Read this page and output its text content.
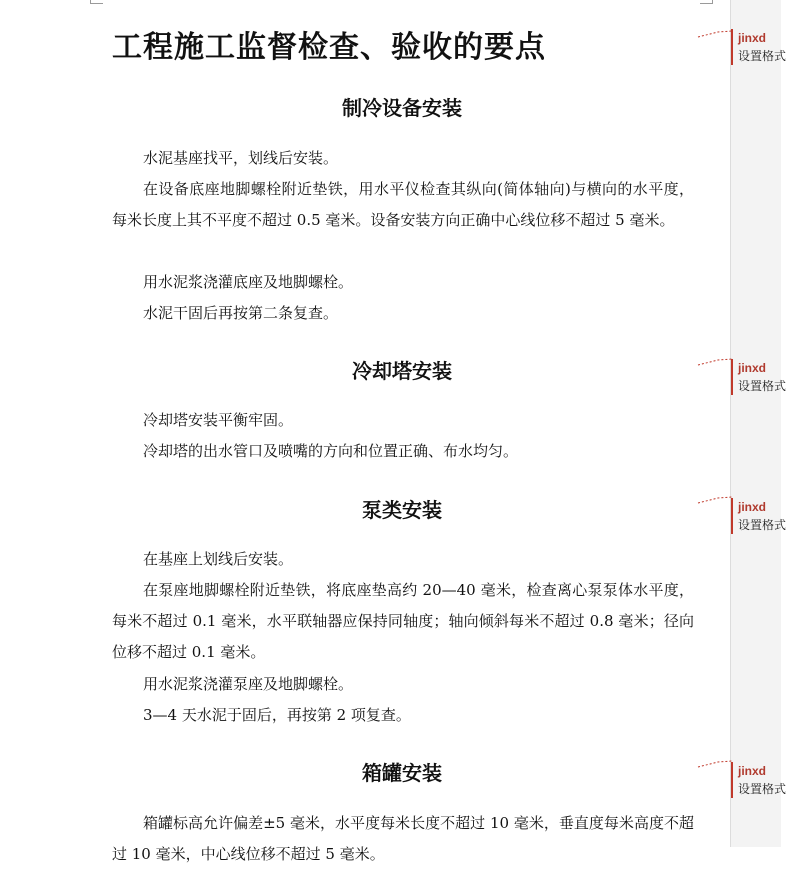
工程施工监督检查、验收的要点
制冷设备安装
水泥基座找平，划线后安装。
在设备底座地脚螺栓附近垫铁，用水平仪检查其纵向(简体轴向)与横向的水平度，每米长度上其不平度不超过 0.5 毫米。设备安装方向正确中心线位移不超过 5 毫米。
用水泥浆浇灌底座及地脚螺栓。
水泥干固后再按第二条复查。
冷却塔安装
冷却塔安装平衡牢固。
冷却塔的出水管口及喷嘴的方向和位置正确、布水均匀。
泵类安装
在基座上划线后安装。
在泵座地脚螺栓附近垫铁，将底座垫高约 20—40 毫米，检查离心泵泵体水平度，每米不超过 0.1 毫米，水平联轴器应保持同轴度；轴向倾斜每米不超过 0.8 毫米；径向位移不超过 0.1 毫米。
用水泥浆浇灌泵座及地脚螺栓。
3—4 天水泥于固后，再按第 2 项复查。
箱罐安装
箱罐标高允许偏差±5 毫米，水平度每米长度不超过 10 毫米，垂直度每米高度不超过 10 毫米，中心线位移不超过 5 毫米。
jinxd
设置格式
jinxd
设置格式
jinxd
设置格式
jinxd
设置格式
